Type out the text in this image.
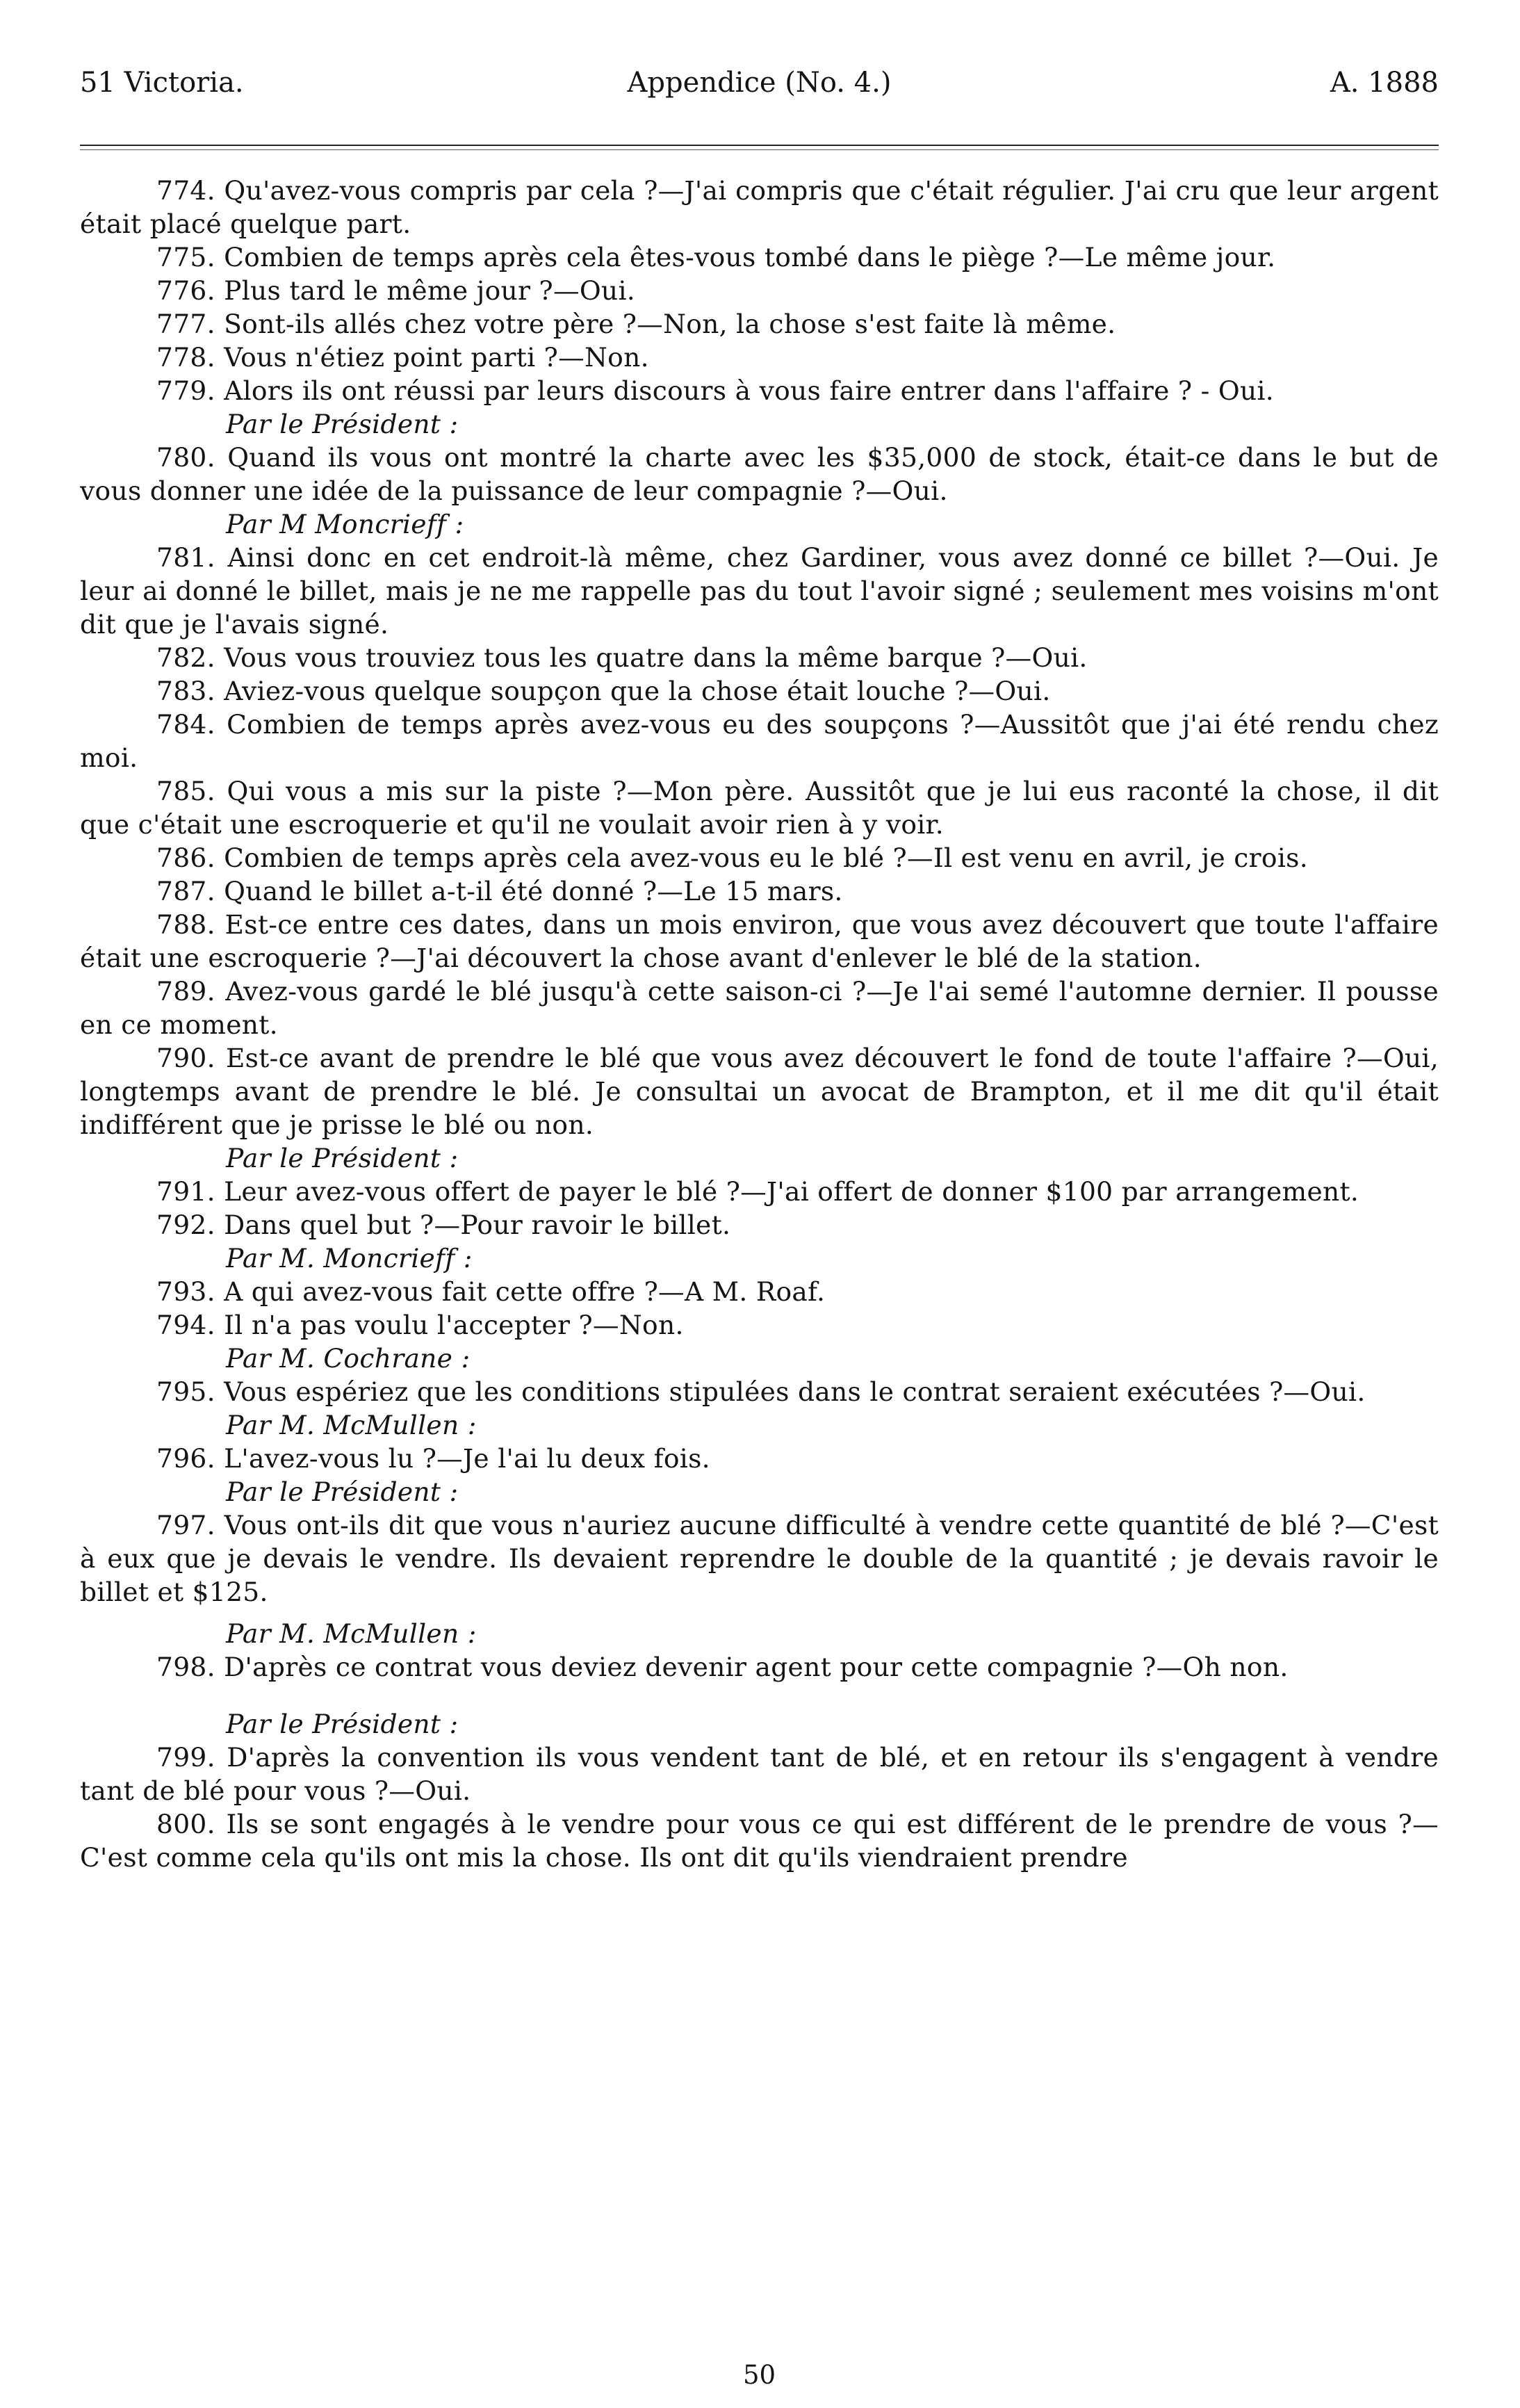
51 Victoria.	Appendice (No. 4.)	A. 1888

774. Qu'avez-vous compris par cela ?—J'ai compris que c'était régulier. J'ai cru que leur argent était placé quelque part.

775. Combien de temps après cela êtes-vous tombé dans le piège ?—Le même jour.

776. Plus tard le même jour ?—Oui.

777. Sont-ils allés chez votre père ?—Non, la chose s'est faite là même.

778. Vous n'étiez point parti ?—Non.

779. Alors ils ont réussi par leurs discours à vous faire entrer dans l'affaire ? - Oui.

Par le Président :

780. Quand ils vous ont montré la charte avec les $35,000 de stock, était-ce dans le but de vous donner une idée de la puissance de leur compagnie ?—Oui.

Par M Moncrieff :

781. Ainsi donc en cet endroit-là même, chez Gardiner, vous avez donné ce billet ?—Oui. Je leur ai donné le billet, mais je ne me rappelle pas du tout l'avoir signé ; seulement mes voisins m'ont dit que je l'avais signé.

782. Vous vous trouviez tous les quatre dans la même barque ?—Oui.

783. Aviez-vous quelque soupçon que la chose était louche ?—Oui.

784. Combien de temps après avez-vous eu des soupçons ?—Aussitôt que j'ai été rendu chez moi.

785. Qui vous a mis sur la piste ?—Mon père. Aussitôt que je lui eus raconté la chose, il dit que c'était une escroquerie et qu'il ne voulait avoir rien à y voir.

786. Combien de temps après cela avez-vous eu le blé ?—Il est venu en avril, je crois.

787. Quand le billet a-t-il été donné ?—Le 15 mars.

788. Est-ce entre ces dates, dans un mois environ, que vous avez découvert que toute l'affaire était une escroquerie ?—J'ai découvert la chose avant d'enlever le blé de la station.

789. Avez-vous gardé le blé jusqu'à cette saison-ci ?—Je l'ai semé l'automne dernier. Il pousse en ce moment.

790. Est-ce avant de prendre le blé que vous avez découvert le fond de toute l'affaire ?—Oui, longtemps avant de prendre le blé. Je consultai un avocat de Brampton, et il me dit qu'il était indifférent que je prisse le blé ou non.

Par le Président :

791. Leur avez-vous offert de payer le blé ?—J'ai offert de donner $100 par arrangement.

792. Dans quel but ?—Pour ravoir le billet.

Par M. Moncrieff :

793. A qui avez-vous fait cette offre ?—A M. Roaf.

794. Il n'a pas voulu l'accepter ?—Non.

Par M. Cochrane :

795. Vous espériez que les conditions stipulées dans le contrat seraient exécutées ?—Oui.

Par M. McMullen :

796. L'avez-vous lu ?—Je l'ai lu deux fois.

Par le Président :

797. Vous ont-ils dit que vous n'auriez aucune difficulté à vendre cette quantité de blé ?—C'est à eux que je devais le vendre. Ils devaient reprendre le double de la quantité ; je devais ravoir le billet et $125.

Par M. McMullen :

798. D'après ce contrat vous deviez devenir agent pour cette compagnie ?—Oh non.

Par le Président :

799. D'après la convention ils vous vendent tant de blé, et en retour ils s'engagent à vendre tant de blé pour vous ?—Oui.

800. Ils se sont engagés à le vendre pour vous ce qui est différent de le prendre de vous ?—C'est comme cela qu'ils ont mis la chose. Ils ont dit qu'ils viendraient prendre

50
